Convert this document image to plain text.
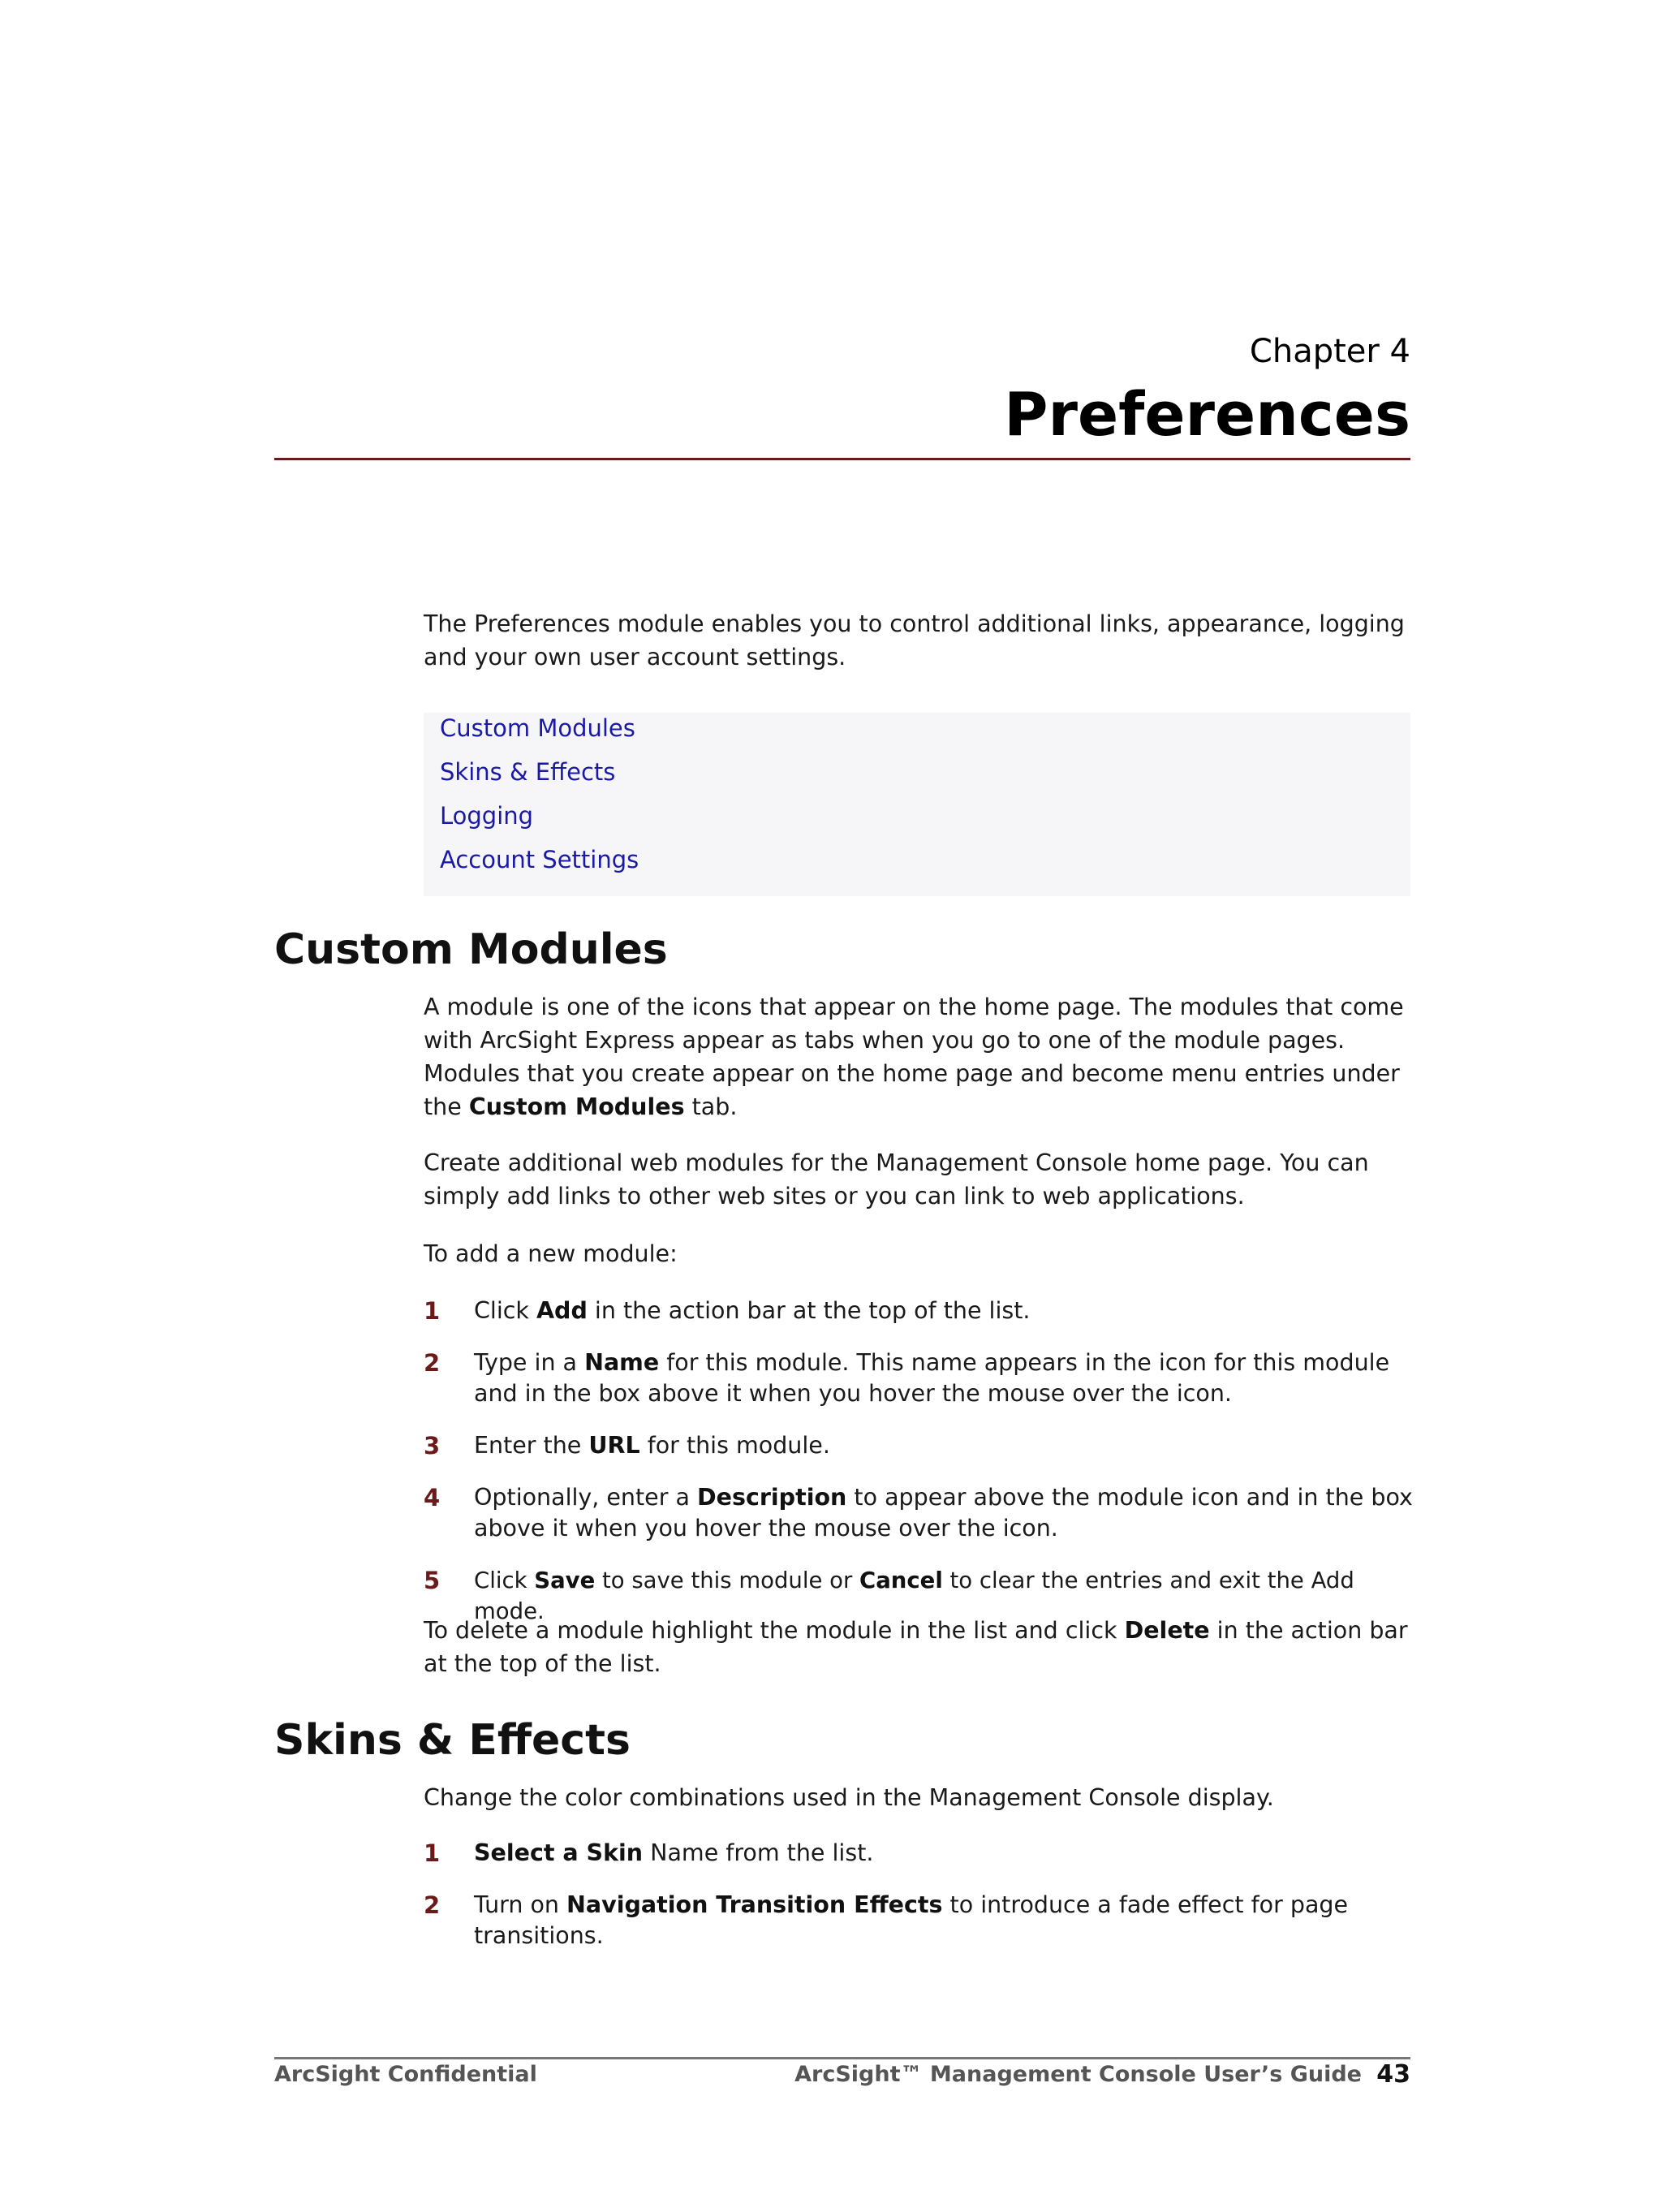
Chapter 4
Preferences
The Preferences module enables you to control additional links, appearance, logging and your own user account settings.
Custom Modules
Skins & Effects
Logging
Account Settings
Custom Modules
A module is one of the icons that appear on the home page. The modules that come with ArcSight Express appear as tabs when you go to one of the module pages. Modules that you create appear on the home page and become menu entries under the Custom Modules tab.
Create additional web modules for the Management Console home page. You can simply add links to other web sites or you can link to web applications.
To add a new module:
1 Click Add in the action bar at the top of the list.
2 Type in a Name for this module. This name appears in the icon for this module and in the box above it when you hover the mouse over the icon.
3 Enter the URL for this module.
4 Optionally, enter a Description to appear above the module icon and in the box above it when you hover the mouse over the icon.
5 Click Save to save this module or Cancel to clear the entries and exit the Add mode.
To delete a module highlight the module in the list and click Delete in the action bar at the top of the list.
Skins & Effects
Change the color combinations used in the Management Console display.
1 Select a Skin Name from the list.
2 Turn on Navigation Transition Effects to introduce a fade effect for page transitions.
ArcSight Confidential	ArcSight™ Management Console User’s Guide 43
